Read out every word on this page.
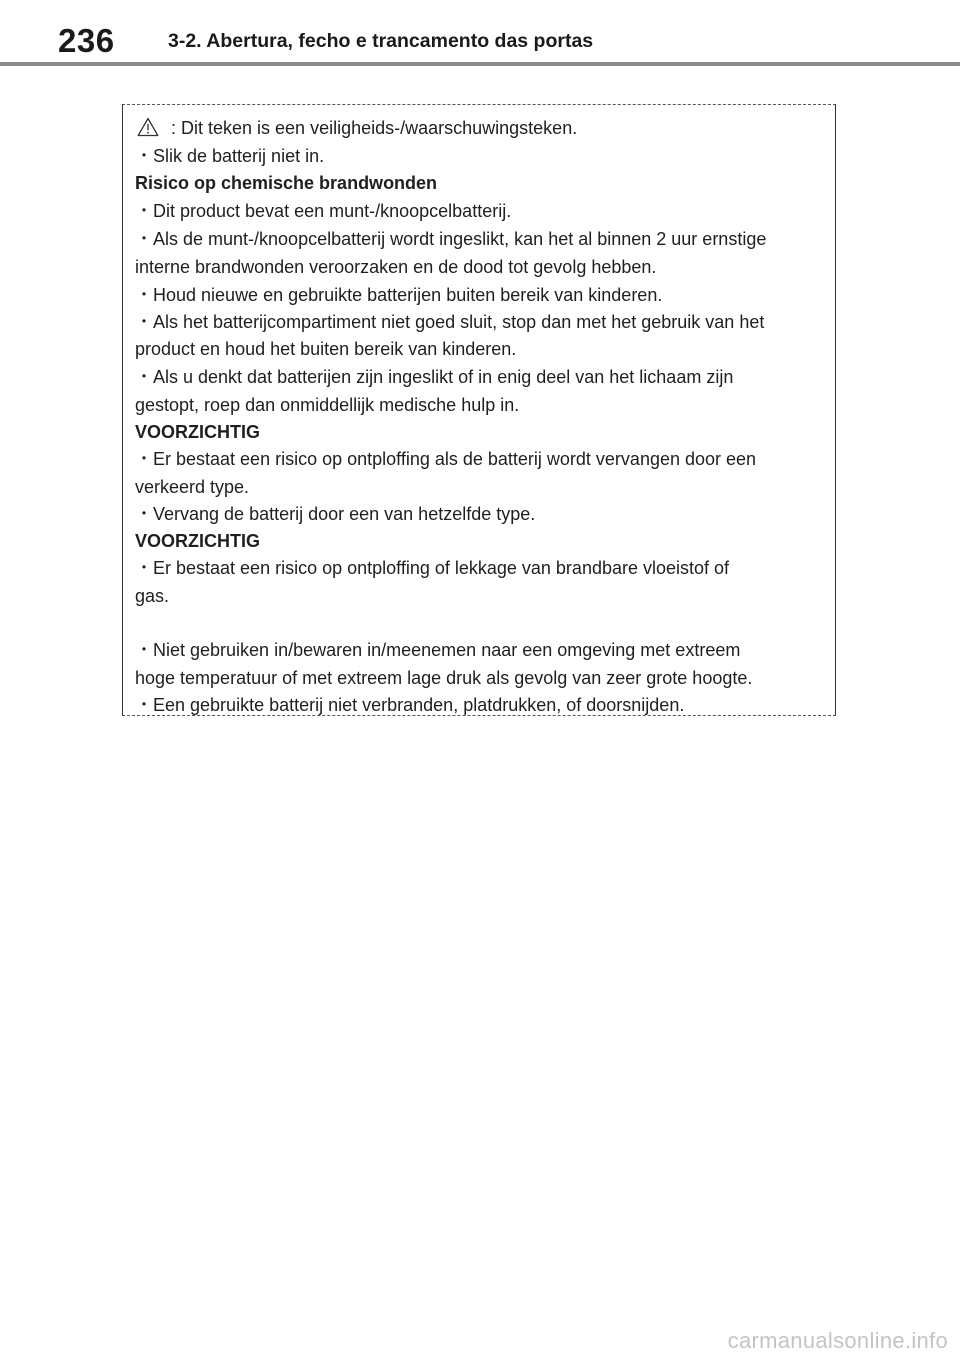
236	3-2. Abertura, fecho e trancamento das portas
: Dit teken is een veiligheids-/waarschuwingsteken.
・Slik de batterij niet in.
Risico op chemische brandwonden
・Dit product bevat een munt-/knoopcelbatterij.
・Als de munt-/knoopcelbatterij wordt ingeslikt, kan het al binnen 2 uur ernstige
interne brandwonden veroorzaken en de dood tot gevolg hebben.
・Houd nieuwe en gebruikte batterijen buiten bereik van kinderen.
・Als het batterijcompartiment niet goed sluit, stop dan met het gebruik van het
product en houd het buiten bereik van kinderen.
・Als u denkt dat batterijen zijn ingeslikt of in enig deel van het lichaam zijn
gestopt, roep dan onmiddellijk medische hulp in.
VOORZICHTIG
・Er bestaat een risico op ontploffing als de batterij wordt vervangen door een
verkeerd type.
・Vervang de batterij door een van hetzelfde type.
VOORZICHTIG
・Er bestaat een risico op ontploffing of lekkage van brandbare vloeistof of
gas.
・Niet gebruiken in/bewaren in/meenemen naar een omgeving met extreem
hoge temperatuur of met extreem lage druk als gevolg van zeer grote hoogte.
・Een gebruikte batterij niet verbranden, platdrukken, of doorsnijden.
carmanualsonline.info
